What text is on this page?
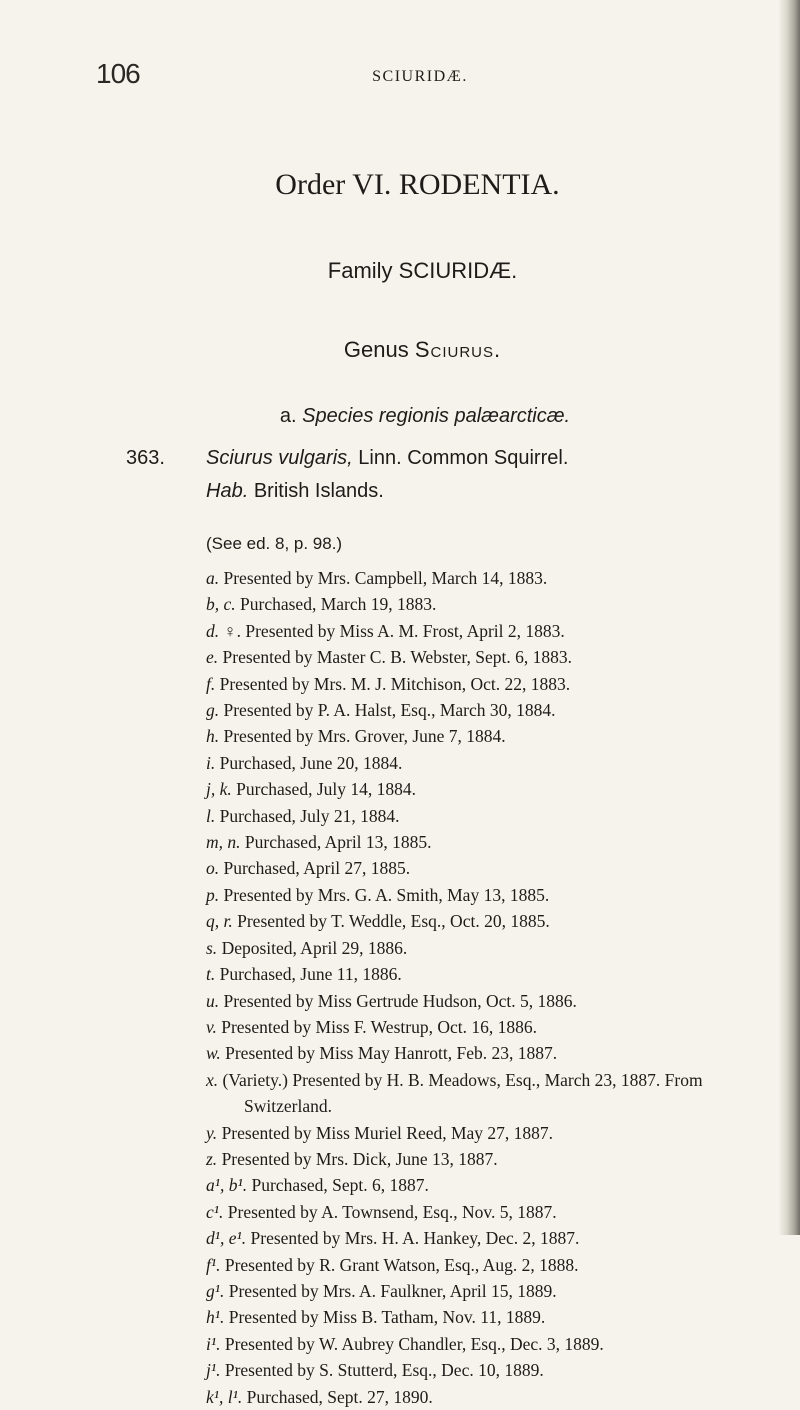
106	SCIURIDÆ.
Order VI. RODENTIA.
Family SCIURIDÆ.
Genus Sciurus.
a. Species regionis palæarcticæ.
363. Sciurus vulgaris, Linn. Common Squirrel.
Hab. British Islands.
(See ed. 8, p. 98.)
a. Presented by Mrs. Campbell, March 14, 1883.
b, c. Purchased, March 19, 1883.
d. ♀. Presented by Miss A. M. Frost, April 2, 1883.
e. Presented by Master C. B. Webster, Sept. 6, 1883.
f. Presented by Mrs. M. J. Mitchison, Oct. 22, 1883.
g. Presented by P. A. Halst, Esq., March 30, 1884.
h. Presented by Mrs. Grover, June 7, 1884.
i. Purchased, June 20, 1884.
j, k. Purchased, July 14, 1884.
l. Purchased, July 21, 1884.
m, n. Purchased, April 13, 1885.
o. Purchased, April 27, 1885.
p. Presented by Mrs. G. A. Smith, May 13, 1885.
q, r. Presented by T. Weddle, Esq., Oct. 20, 1885.
s. Deposited, April 29, 1886.
t. Purchased, June 11, 1886.
u. Presented by Miss Gertrude Hudson, Oct. 5, 1886.
v. Presented by Miss F. Westrup, Oct. 16, 1886.
w. Presented by Miss May Hanrott, Feb. 23, 1887.
x. (Variety.) Presented by H. B. Meadows, Esq., March 23, 1887. From Switzerland.
y. Presented by Miss Muriel Reed, May 27, 1887.
z. Presented by Mrs. Dick, June 13, 1887.
a¹, b¹. Purchased, Sept. 6, 1887.
c¹. Presented by A. Townsend, Esq., Nov. 5, 1887.
d¹, e¹. Presented by Mrs. H. A. Hankey, Dec. 2, 1887.
f¹. Presented by R. Grant Watson, Esq., Aug. 2, 1888.
g¹. Presented by Mrs. A. Faulkner, April 15, 1889.
h¹. Presented by Miss B. Tatham, Nov. 11, 1889.
i¹. Presented by W. Aubrey Chandler, Esq., Dec. 3, 1889.
j¹. Presented by S. Stutterd, Esq., Dec. 10, 1889.
k¹, l¹. Purchased, Sept. 27, 1890.
